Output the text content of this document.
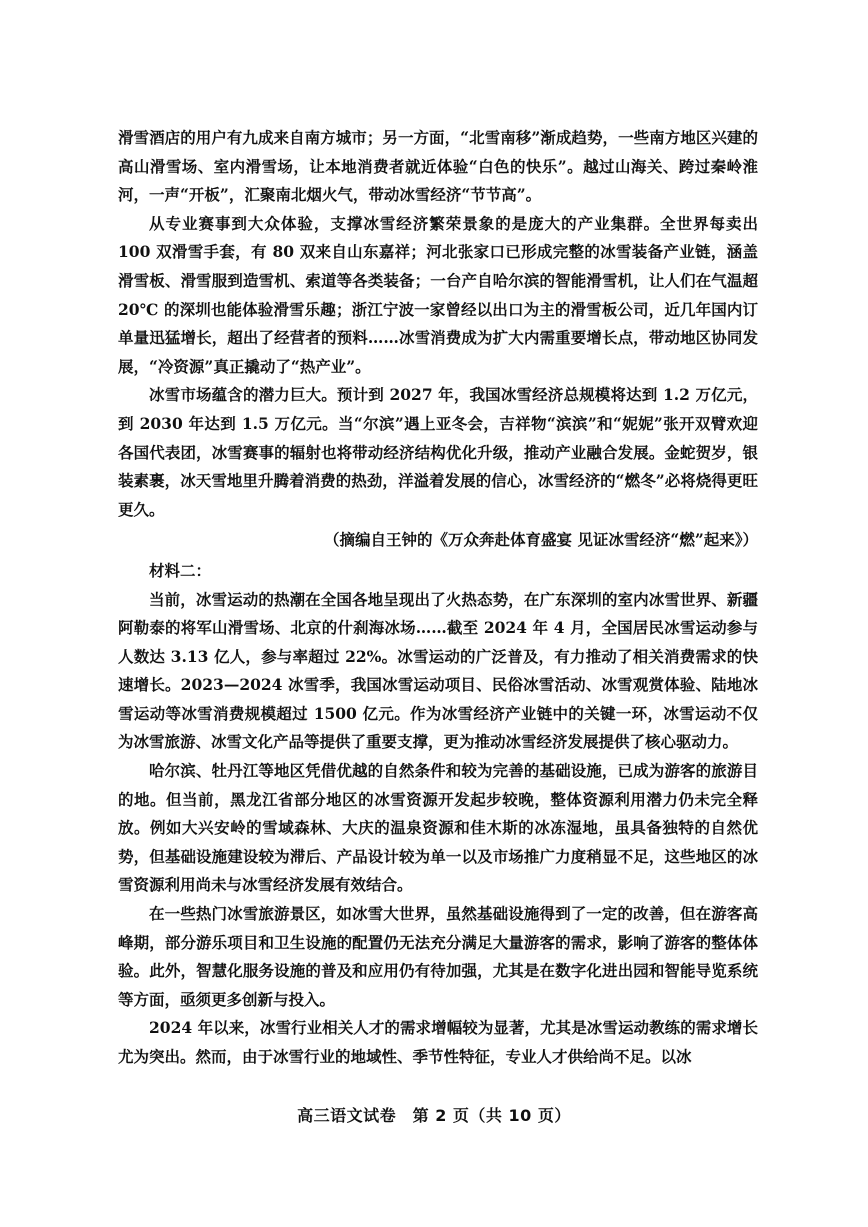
滑雪酒店的用户有九成来自南方城市；另一方面，“北雪南移”渐成趋势，一些南方地区兴建的高山滑雪场、室内滑雪场，让本地消费者就近体验“白色的快乐”。越过山海关、跨过秦岭淮河，一声“开板”，汇聚南北烟火气，带动冰雪经济“节节高”。

从专业赛事到大众体验，支撑冰雪经济繁荣景象的是庞大的产业集群。全世界每卖出 100 双滑雪手套，有 80 双来自山东嘉祥；河北张家口已形成完整的冰雪装备产业链，涵盖滑雪板、滑雪服到造雪机、索道等各类装备；一台产自哈尔滨的智能滑雪机，让人们在气温超 20℃ 的深圳也能体验滑雪乐趣；浙江宁波一家曾经以出口为主的滑雪板公司，近几年国内订单量迅猛增长，超出了经营者的预料……冰雪消费成为扩大内需重要增长点，带动地区协同发展，“冷资源”真正撬动了“热产业”。

冰雪市场蕴含的潜力巨大。预计到 2027 年，我国冰雪经济总规模将达到 1.2 万亿元，到 2030 年达到 1.5 万亿元。当“尔滨”遇上亚冬会，吉祥物“滨滨”和“妮妮”张开双臂欢迎各国代表团，冰雪赛事的辐射也将带动经济结构优化升级，推动产业融合发展。金蛇贺岁，银装素裹，冰天雪地里升腾着消费的热劲，洋溢着发展的信心，冰雪经济的“燃冬”必将烧得更旺更久。

（摘编自王钟的《万众奔赴体育盛宴 见证冰雪经济“燃”起来》）

材料二：

当前，冰雪运动的热潮在全国各地呈现出了火热态势，在广东深圳的室内冰雪世界、新疆阿勒泰的将军山滑雪场、北京的什刹海冰场……截至 2024 年 4 月，全国居民冰雪运动参与人数达 3.13 亿人，参与率超过 22%。冰雪运动的广泛普及，有力推动了相关消费需求的快速增长。2023—2024 冰雪季，我国冰雪运动项目、民俗冰雪活动、冰雪观赏体验、陆地冰雪运动等冰雪消费规模超过 1500 亿元。作为冰雪经济产业链中的关键一环，冰雪运动不仅为冰雪旅游、冰雪文化产品等提供了重要支撑，更为推动冰雪经济发展提供了核心驱动力。

哈尔滨、牡丹江等地区凭借优越的自然条件和较为完善的基础设施，已成为游客的旅游目的地。但当前，黑龙江省部分地区的冰雪资源开发起步较晚，整体资源利用潜力仍未完全释放。例如大兴安岭的雪域森林、大庆的温泉资源和佳木斯的冰冻湿地，虽具备独特的自然优势，但基础设施建设较为滞后、产品设计较为单一以及市场推广力度稍显不足，这些地区的冰雪资源利用尚未与冰雪经济发展有效结合。

在一些热门冰雪旅游景区，如冰雪大世界，虽然基础设施得到了一定的改善，但在游客高峰期，部分游乐项目和卫生设施的配置仍无法充分满足大量游客的需求，影响了游客的整体体验。此外，智慧化服务设施的普及和应用仍有待加强，尤其是在数字化进出园和智能导览系统等方面，亟须更多创新与投入。

2024 年以来，冰雪行业相关人才的需求增幅较为显著，尤其是冰雪运动教练的需求增长尤为突出。然而，由于冰雪行业的地域性、季节性特征，专业人才供给尚不足。以冰

高三语文试卷　第 2 页（共 10 页）
